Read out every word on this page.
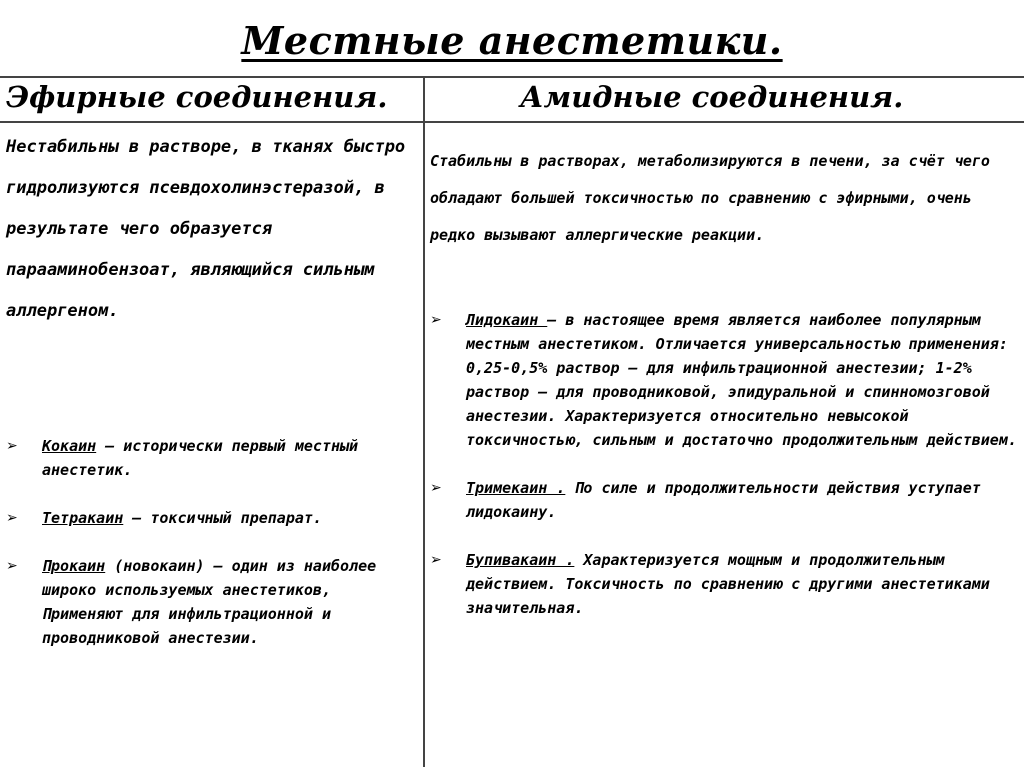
Местные анестетики.
Эфирные соединения.	Амидные соединения.
Нестабильны в растворе, в тканях быстро гидролизуются псевдохолинэстеразой, в результате чего образуется парааминобензоат, являющийся сильным аллергеном.
➢ Кокаин – исторически первый местный анестетик.
➢ Тетракаин – токсичный препарат.
➢ Прокаин (новокаин) – один из наиболее широко используемых анестетиков, Применяют для инфильтрационной и проводниковой анестезии.
Стабильны в растворах, метаболизируются в печени, за счёт чего обладают большей токсичностью по сравнению с эфирными, очень редко вызывают аллергические реакции.
➢ Лидокаин – в настоящее время является наиболее популярным местным анестетиком. Отличается универсальностью применения: 0,25-0,5% раствор – для инфильтрационной анестезии; 1-2% раствор – для проводниковой, эпидуральной и спинномозговой анестезии. Характеризуется относительно невысокой токсичностью, сильным и достаточно продолжительным действием.
➢ Тримекаин . По силе и продолжительности действия уступает лидокаину.
➢ Бупивакаин . Характеризуется мощным и продолжительным действием. Токсичность по сравнению с другими анестетиками значительная.
